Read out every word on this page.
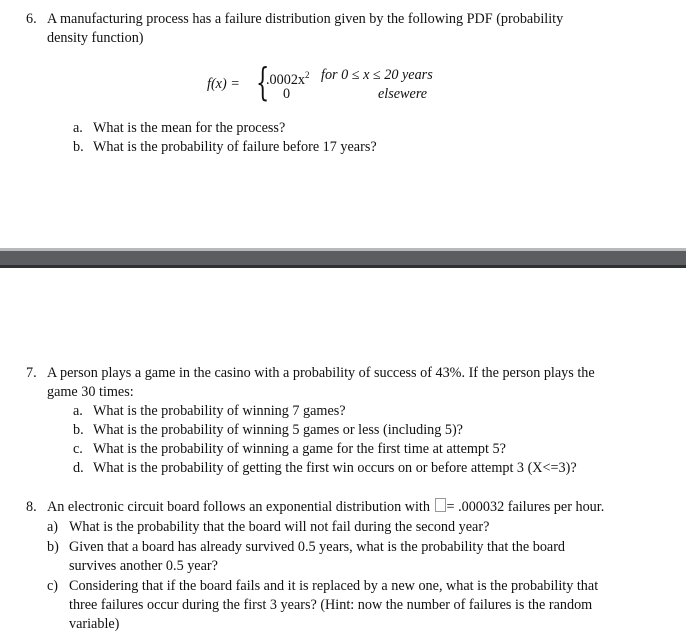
6. A manufacturing process has a failure distribution given by the following PDF (probability
density function)
f(x) = {
$.0002x^2$ for 0 ≤ x ≤ 20 years
0	elsewere
a. What is the mean for the process?
b. What is the probability of failure before 17 years?
7. A person plays a game in the casino with a probability of success of 43%. If the person plays the
game 30 times:
a. What is the probability of winning 7 games?
b. What is the probability of winning 5 games or less (including 5)?
c. What is the probability of winning a game for the first time at attempt 5?
d. What is the probability of getting the first win occurs on or before attempt 3 (X<=3)?
8. An electronic circuit board follows an exponential distribution with = .000032 failures per hour.
a) What is the probability that the board will not fail during the second year?
b) Given that a board has already survived 0.5 years, what is the probability that the board
survives another 0.5 year?
c) Considering that if the board fails and it is replaced by a new one, what is the probability that
three failures occur during the first 3 years? (Hint: now the number of failures is the random
variable)
